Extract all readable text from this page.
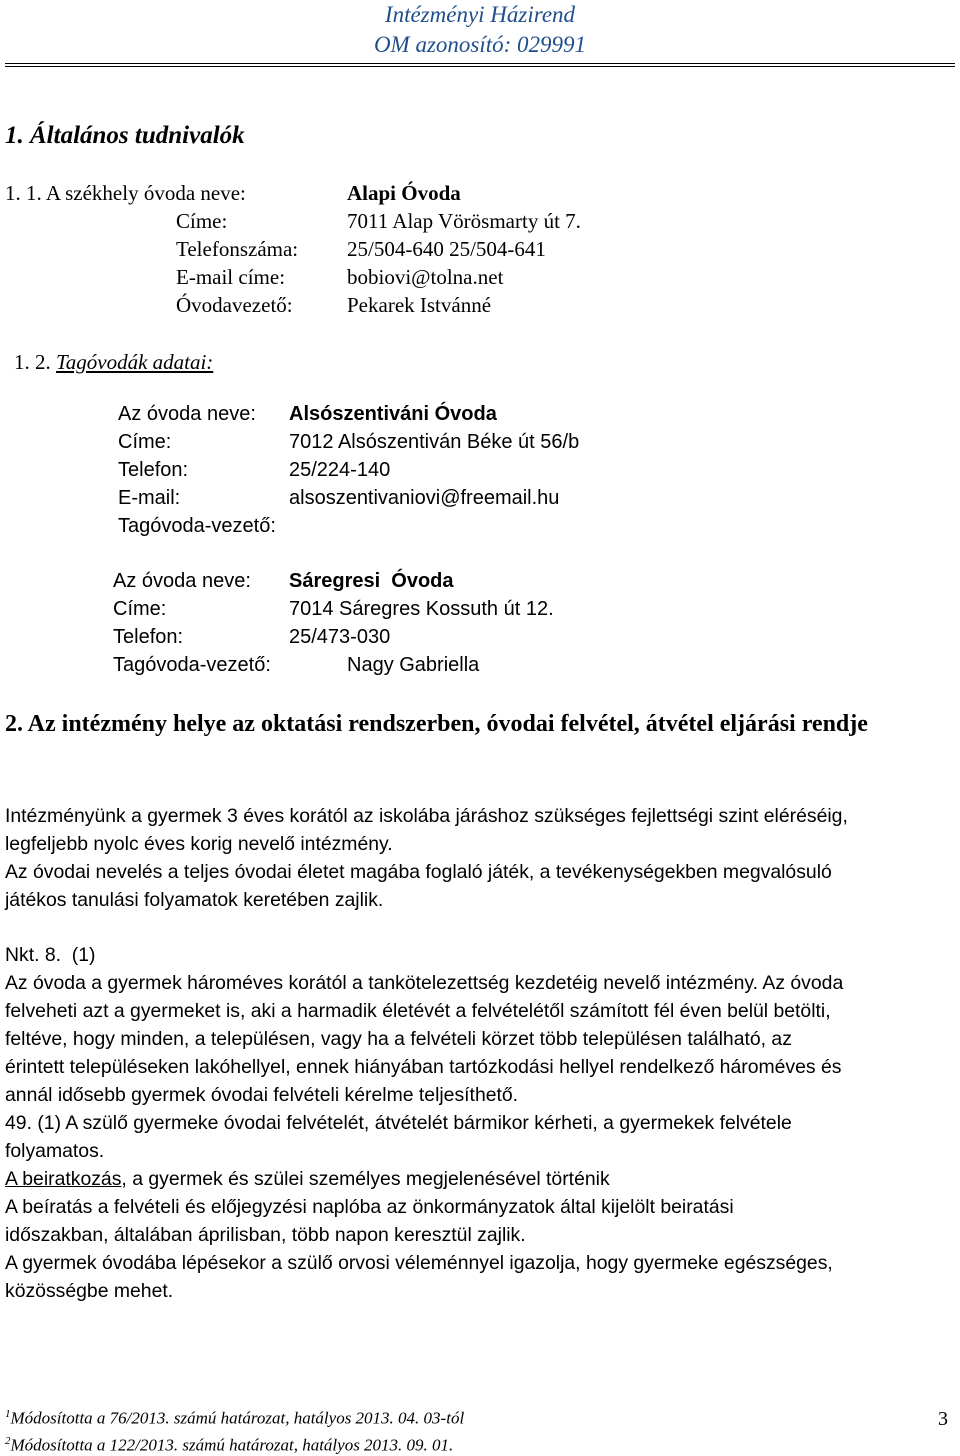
Intézményi Házirend
OM azonosító: 029991
1. Általános tudnivalók
1. 1. A székhely óvoda neve:	Alapi Óvoda
Címe:	7011 Alap Vörösmarty út 7.
Telefonszáma: 25/504-640 25/504-641
E-mail címe:	bobiovi@tolna.net
Óvodavezető:	Pekarek Istvánné
1. 2. Tagóvodák adatai:
Az óvoda neve: Alsószentiváni Óvoda
Címe:	7012 Alsószentiván Béke út 56/b
Telefon:	25/224-140
E-mail:	alsoszentivaniovi@freemail.hu
Tagóvoda-vezető:
Az óvoda neve: Sáregresi  Óvoda
Címe:	7014 Sáregres Kossuth út 12.
Telefon:	25/473-030
Tagóvoda-vezető:	Nagy Gabriella
2. Az intézmény helye az oktatási rendszerben, óvodai felvétel, átvétel eljárási rendje
Intézményünk a gyermek 3 éves korától az iskolába járáshoz szükséges fejlettségi szint eléréséig,
legfeljebb nyolc éves korig nevelő intézmény.
Az óvodai nevelés a teljes óvodai életet magába foglaló játék, a tevékenységekben megvalósuló
játékos tanulási folyamatok keretében zajlik.
Nkt. 8.  (1)
Az óvoda a gyermek hároméves korától a tankötelezettség kezdetéig nevelő intézmény. Az óvoda
felveheti azt a gyermeket is, aki a harmadik életévét a felvételétől számított fél éven belül betölti,
feltéve, hogy minden, a településen, vagy ha a felvételi körzet több településen található, az
érintett településeken lakóhellyel, ennek hiányában tartózkodási hellyel rendelkező hároméves és
annál idősebb gyermek óvodai felvételi kérelme teljesíthető.
49. (1) A szülő gyermeke óvodai felvételét, átvételét bármikor kérheti, a gyermekek felvétele
folyamatos.
A beiratkozás, a gyermek és szülei személyes megjelenésével történik
A beíratás a felvételi és előjegyzési naplóba az önkormányzatok által kijelölt beiratási
időszakban, általában áprilisban, több napon keresztül zajlik.
A gyermek óvodába lépésekor a szülő orvosi véleménnyel igazolja, hogy gyermeke egészséges,
közösségbe mehet.
$^1$Módosította a 76/2013. számú határozat, hatályos 2013. 04. 03-tól
$^2$Módosította a 122/2013. számú határozat, hatályos 2013. 09. 01.
3
